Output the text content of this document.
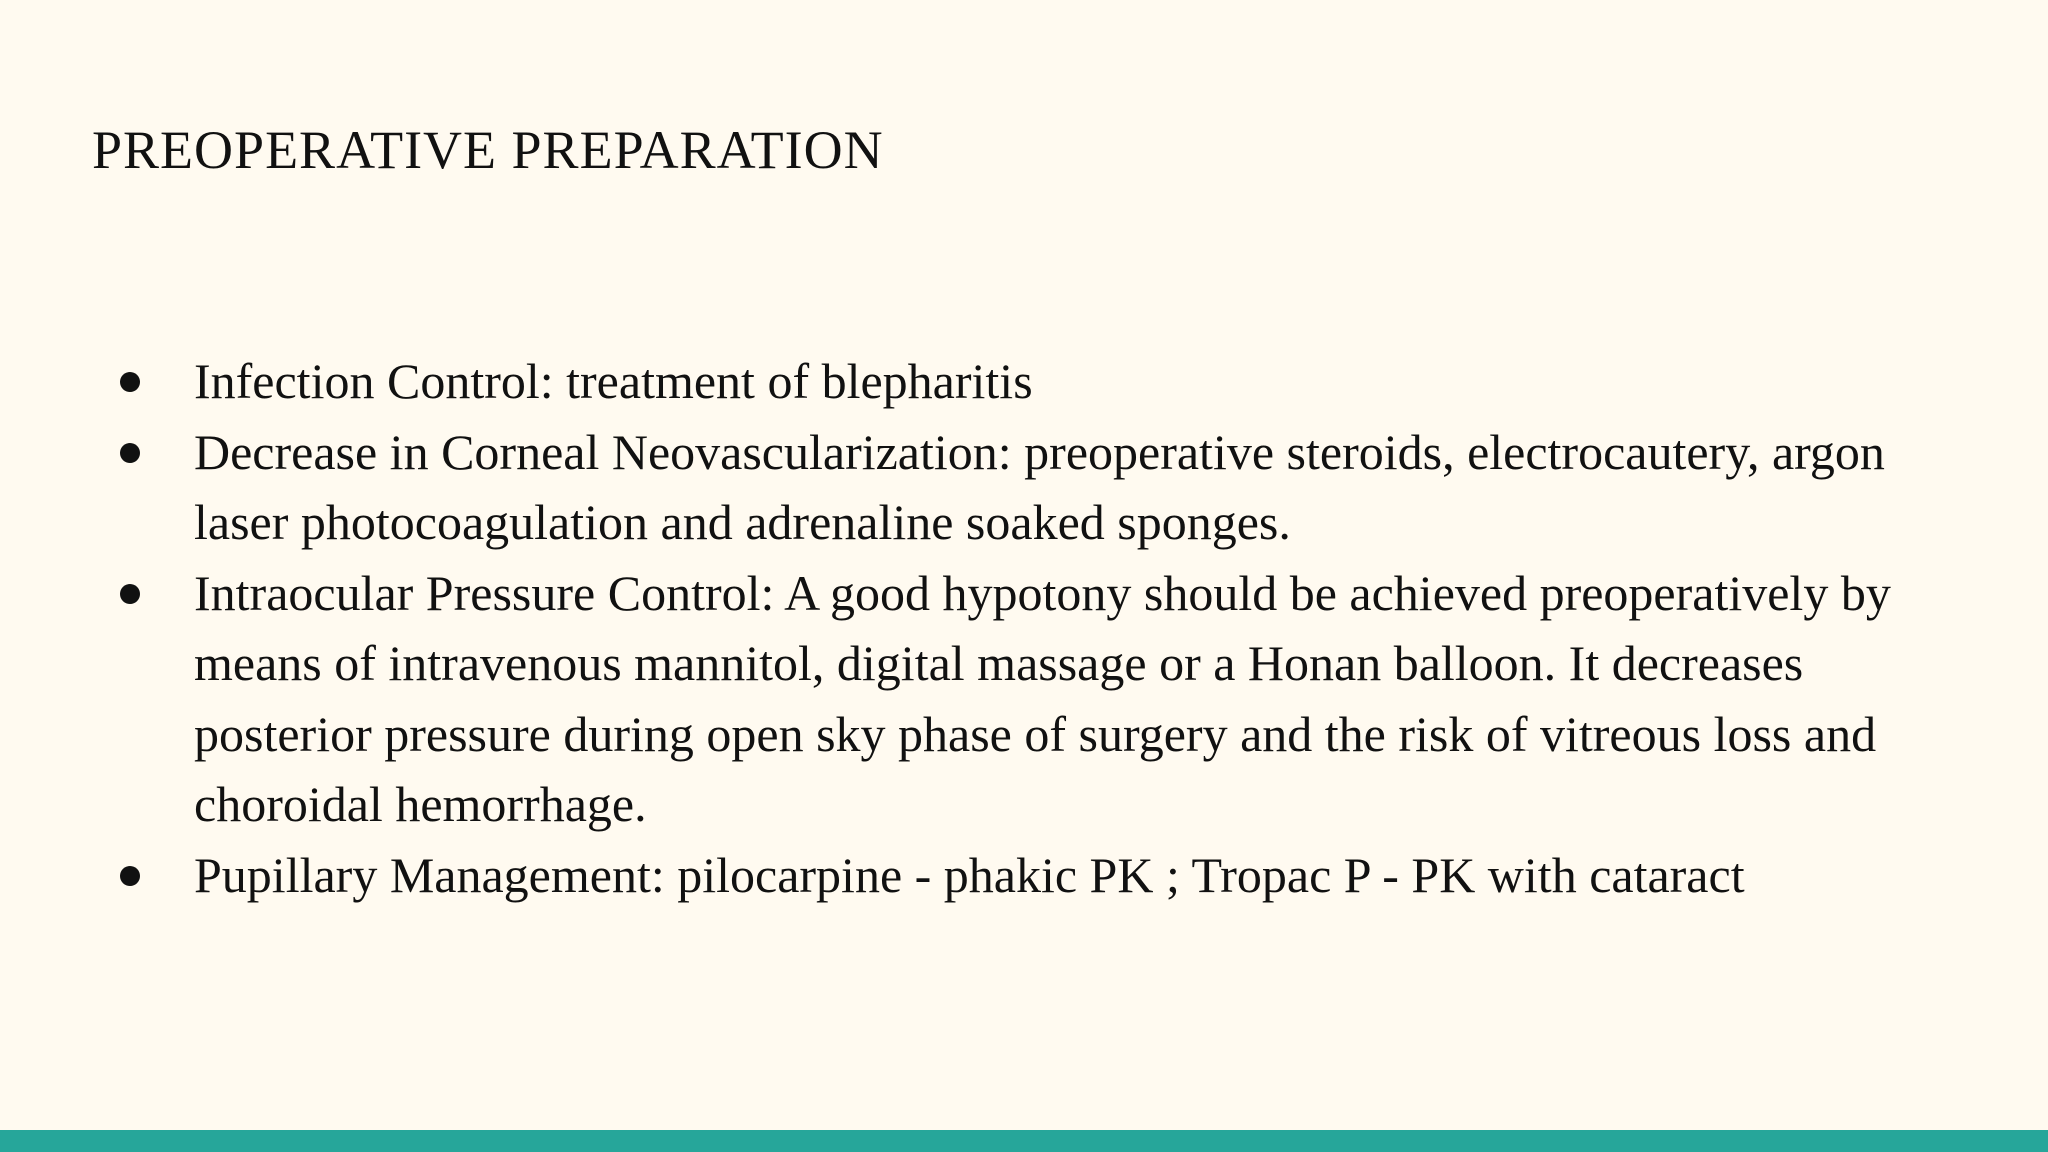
PREOPERATIVE PREPARATION
Infection Control: treatment of blepharitis
Decrease in Corneal Neovascularization: preoperative steroids, electrocautery, argon laser photocoagulation and adrenaline soaked sponges.
Intraocular Pressure Control: A good hypotony should be achieved preoperatively by means of intravenous mannitol, digital massage or a Honan balloon. It decreases posterior pressure during open sky phase of surgery and the risk of vitreous loss and choroidal hemorrhage.
Pupillary Management: pilocarpine - phakic PK ; Tropac P - PK with cataract
